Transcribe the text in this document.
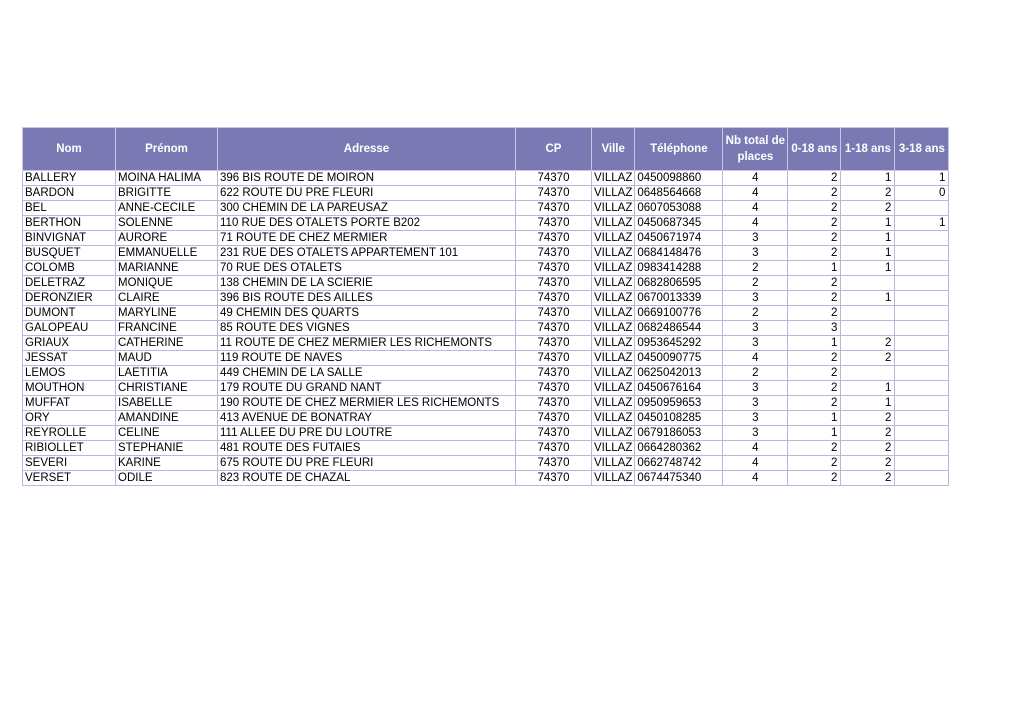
Nom	Prénom	Adresse	CP	Ville	Téléphone	Nb total de places	0-18 ans	1-18 ans	3-18 ans
BALLERY	MOINA HALIMA	396 BIS ROUTE DE MOIRON	74370	VILLAZ	0450098860	4	2	1	1
BARDON	BRIGITTE	622 ROUTE DU PRE FLEURI	74370	VILLAZ	0648564668	4	2	2	0
BEL	ANNE-CECILE	300 CHEMIN DE LA PAREUSAZ	74370	VILLAZ	0607053088	4	2	2	
BERTHON	SOLENNE	110 RUE DES OTALETS PORTE B202	74370	VILLAZ	0450687345	4	2	1	1
BINVIGNAT	AURORE	71 ROUTE DE CHEZ MERMIER	74370	VILLAZ	0450671974	3	2	1	
BUSQUET	EMMANUELLE	231 RUE DES OTALETS APPARTEMENT 101	74370	VILLAZ	0684148476	3	2	1	
COLOMB	MARIANNE	70 RUE DES OTALETS	74370	VILLAZ	0983414288	2	1	1	
DELETRAZ	MONIQUE	138 CHEMIN DE LA SCIERIE	74370	VILLAZ	0682806595	2	2		
DERONZIER	CLAIRE	396 BIS ROUTE DES AILLES	74370	VILLAZ	0670013339	3	2	1	
DUMONT	MARYLINE	49 CHEMIN DES QUARTS	74370	VILLAZ	0669100776	2	2		
GALOPEAU	FRANCINE	85 ROUTE DES VIGNES	74370	VILLAZ	0682486544	3	3		
GRIAUX	CATHERINE	11 ROUTE DE CHEZ MERMIER LES RICHEMONTS	74370	VILLAZ	0953645292	3	1	2	
JESSAT	MAUD	119 ROUTE DE NAVES	74370	VILLAZ	0450090775	4	2	2	
LEMOS	LAETITIA	449 CHEMIN DE LA SALLE	74370	VILLAZ	0625042013	2	2		
MOUTHON	CHRISTIANE	179 ROUTE DU GRAND NANT	74370	VILLAZ	0450676164	3	2	1	
MUFFAT	ISABELLE	190 ROUTE DE CHEZ MERMIER LES RICHEMONTS	74370	VILLAZ	0950959653	3	2	1	
ORY	AMANDINE	413 AVENUE DE BONATRAY	74370	VILLAZ	0450108285	3	1	2	
REYROLLE	CELINE	111 ALLEE DU PRE DU LOUTRE	74370	VILLAZ	0679186053	3	1	2	
RIBIOLLET	STEPHANIE	481 ROUTE DES FUTAIES	74370	VILLAZ	0664280362	4	2	2	
SEVERI	KARINE	675 ROUTE DU PRE FLEURI	74370	VILLAZ	0662748742	4	2	2	
VERSET	ODILE	823 ROUTE DE CHAZAL	74370	VILLAZ	0674475340	4	2	2	
